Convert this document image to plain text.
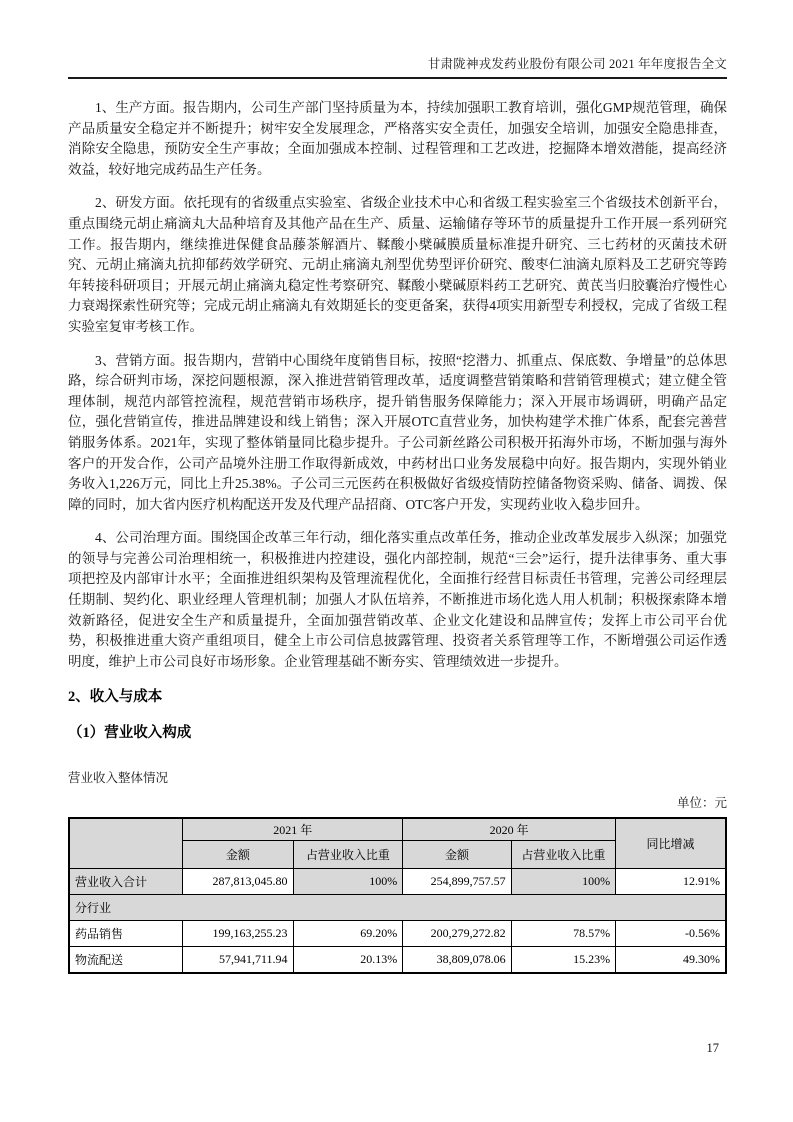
甘肃陇神戎发药业股份有限公司 2021 年年度报告全文

1、生产方面。报告期内，公司生产部门坚持质量为本，持续加强职工教育培训，强化GMP规范管理，确保产品质量安全稳定并不断提升；树牢安全发展理念，严格落实安全责任，加强安全培训，加强安全隐患排查，消除安全隐患，预防安全生产事故；全面加强成本控制、过程管理和工艺改进，挖掘降本增效潜能，提高经济效益，较好地完成药品生产任务。

2、研发方面。依托现有的省级重点实验室、省级企业技术中心和省级工程实验室三个省级技术创新平台，重点围绕元胡止痛滴丸大品种培育及其他产品在生产、质量、运输储存等环节的质量提升工作开展一系列研究工作。报告期内，继续推进保健食品藤茶解酒片、鞣酸小檗碱膜质量标准提升研究、三七药材的灭菌技术研究、元胡止痛滴丸抗抑郁药效学研究、元胡止痛滴丸剂型优势型评价研究、酸枣仁油滴丸原料及工艺研究等跨年转接科研项目；开展元胡止痛滴丸稳定性考察研究、鞣酸小檗碱原料药工艺研究、黄芪当归胶囊治疗慢性心力衰竭探索性研究等；完成元胡止痛滴丸有效期延长的变更备案，获得4项实用新型专利授权，完成了省级工程实验室复审考核工作。

3、营销方面。报告期内，营销中心围绕年度销售目标，按照“挖潜力、抓重点、保底数、争增量”的总体思路，综合研判市场，深挖问题根源，深入推进营销管理改革，适度调整营销策略和营销管理模式；建立健全管理体制，规范内部管控流程，规范营销市场秩序，提升销售服务保障能力；深入开展市场调研，明确产品定位，强化营销宣传，推进品牌建设和线上销售；深入开展OTC直营业务，加快构建学术推广体系，配套完善营销服务体系。2021年，实现了整体销量同比稳步提升。子公司新丝路公司积极开拓海外市场，不断加强与海外客户的开发合作，公司产品境外注册工作取得新成效，中药材出口业务发展稳中向好。报告期内，实现外销业务收入1,226万元，同比上升25.38%。子公司三元医药在积极做好省级疫情防控储备物资采购、储备、调拨、保障的同时，加大省内医疗机构配送开发及代理产品招商、OTC客户开发，实现药业收入稳步回升。

4、公司治理方面。围绕国企改革三年行动，细化落实重点改革任务，推动企业改革发展步入纵深；加强党的领导与完善公司治理相统一，积极推进内控建设，强化内部控制，规范“三会”运行，提升法律事务、重大事项把控及内部审计水平；全面推进组织架构及管理流程优化，全面推行经营目标责任书管理，完善公司经理层任期制、契约化、职业经理人管理机制；加强人才队伍培养，不断推进市场化选人用人机制；积极探索降本增效新路径，促进安全生产和质量提升，全面加强营销改革、企业文化建设和品牌宣传；发挥上市公司平台优势，积极推进重大资产重组项目，健全上市公司信息披露管理、投资者关系管理等工作，不断增强公司运作透明度，维护上市公司良好市场形象。企业管理基础不断夯实、管理绩效进一步提升。

2、收入与成本
（1）营业收入构成

营业收入整体情况

单位：元
	2021 年		2020 年		同比增减
	金额	占营业收入比重	金额	占营业收入比重	
营业收入合计	287,813,045.80	100%	254,899,757.57	100%	12.91%
分行业					
药品销售	199,163,255.23	69.20%	200,279,272.82	78.57%	-0.56%
物流配送	57,941,711.94	20.13%	38,809,078.06	15.23%	49.30%
17
